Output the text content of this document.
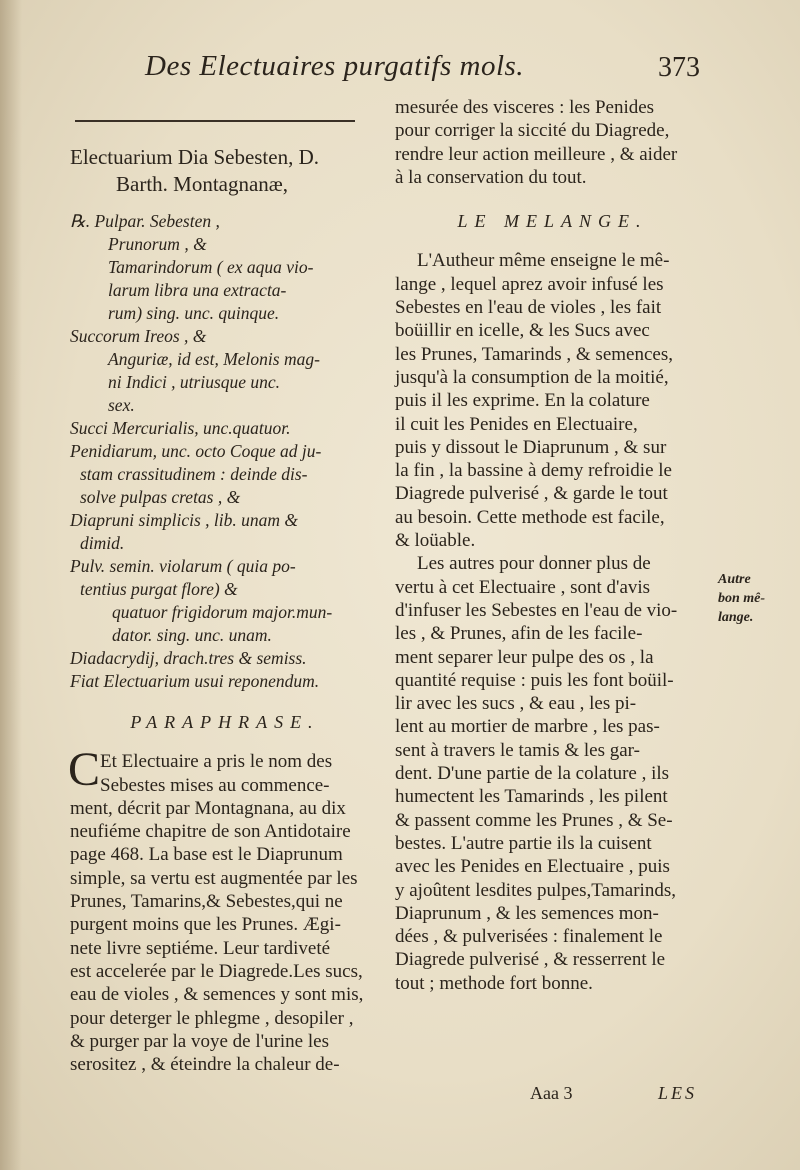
Des Electuaires purgatifs mols.	373
Electuarium Dia Sebesten, D.
Barth. Montagnanæ,
℞. Pulpar. Sebesten ,
Prunorum , &
Tamarindorum ( ex aqua vio-
larum libra una extracta-
rum) sing. unc. quinque.
Succorum Ireos , &
Anguriæ, id est, Melonis mag-
ni Indici , utriusque unc.
sex.
Succi Mercurialis, unc.quatuor.
Penidiarum, unc. octo Coque ad ju-
stam crassitudinem : deinde dis-
solve pulpas cretas , &
Diapruni simplicis , lib. unam &
dimid.
Pulv. semin. violarum ( quia po-
tentius purgat flore) &
quatuor frigidorum major.mun-
dator. sing. unc. unam.
Diadacrydij, drach.tres & semiss.
Fiat Electuarium usui reponendum.
PARAPHRASE.
C Et Electuaire a pris le nom des
Sebestes mises au commence-
ment, décrit par Montagnana, au dix
neufiéme chapitre de son Antidotaire
page 468. La base est le Diaprunum
simple, sa vertu est augmentée par les
Prunes, Tamarins,& Sebestes,qui ne
purgent moins que les Prunes. Ægi-
nete livre septiéme. Leur tardiveté
est accelerée par le Diagrede.Les sucs,
eau de violes , & semences y sont mis,
pour deterger le phlegme , desopiler ,
& purger par la voye de l'urine les
serositez , & éteindre la chaleur de-
mesurée des visceres : les Penides
pour corriger la siccité du Diagrede,
rendre leur action meilleure , & aider
à la conservation du tout.
LE MELANGE.
L'Autheur même enseigne le mê-
lange , lequel aprez avoir infusé les
Sebestes en l'eau de violes , les fait
boüillir en icelle, & les Sucs avec
les Prunes, Tamarinds , & semences,
jusqu'à la consumption de la moitié,
puis il les exprime. En la colature
il cuit les Penides en Electuaire,
puis y dissout le Diaprunum , & sur
la fin , la bassine à demy refroidie le
Diagrede pulverisé , & garde le tout
au besoin. Cette methode est facile,
& loüable.
Les autres pour donner plus de
vertu à cet Electuaire , sont d'avis
d'infuser les Sebestes en l'eau de vio-
les , & Prunes, afin de les facile-
ment separer leur pulpe des os , la
quantité requise : puis les font boüil-
lir avec les sucs , & eau , les pi-
lent au mortier de marbre , les pas-
sent à travers le tamis & les gar-
dent. D'une partie de la colature , ils
humectent les Tamarinds , les pilent
& passent comme les Prunes , & Se-
bestes. L'autre partie ils la cuisent
avec les Penides en Electuaire , puis
y ajoûtent lesdites pulpes,Tamarinds,
Diaprunum , & les semences mon-
dées , & pulverisées : finalement le
Diagrede pulverisé , & resserrent le
tout ; methode fort bonne.
Autre
bon mê-
lange.
Aaa 3	LES
